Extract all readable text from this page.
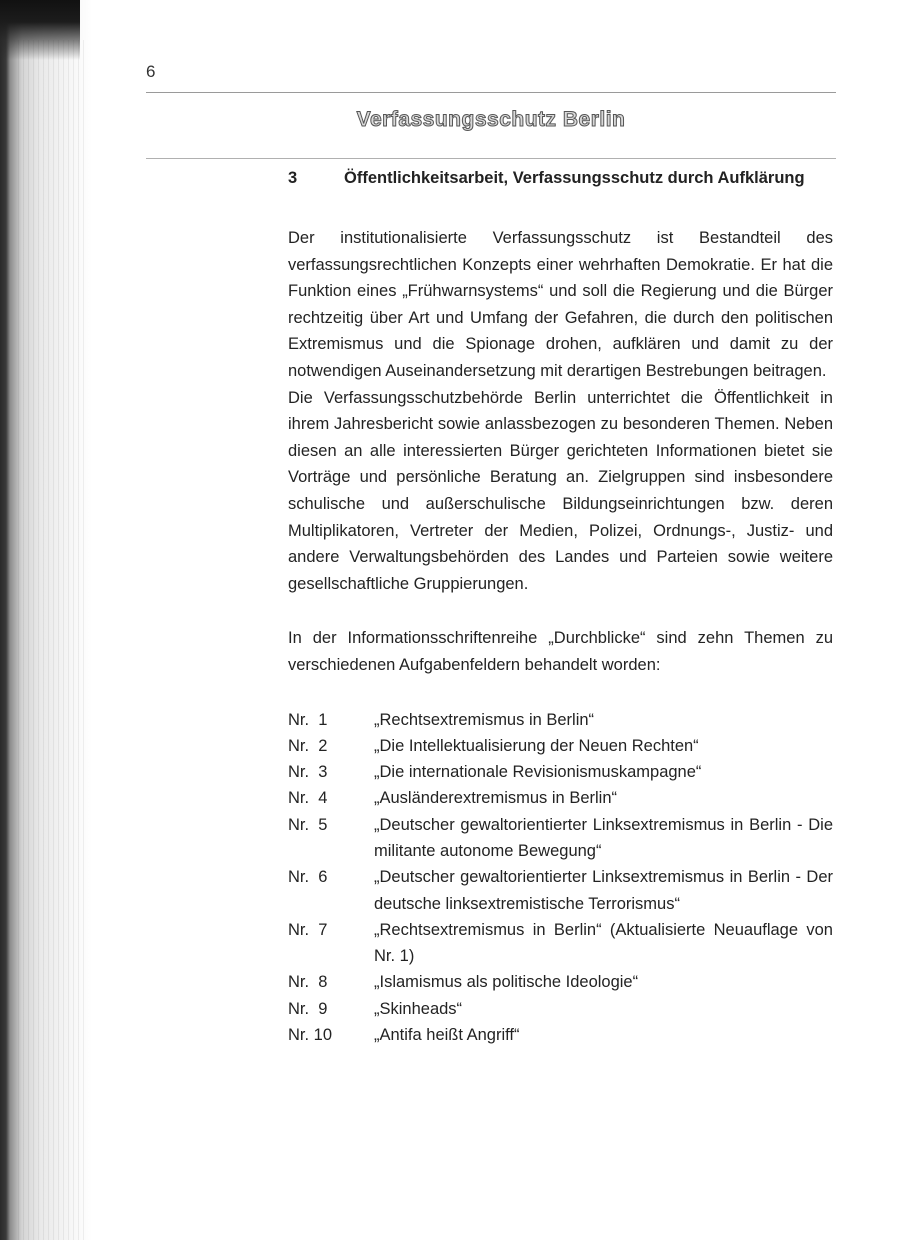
6
Verfassungsschutz Berlin
3	Öffentlichkeitsarbeit, Verfassungsschutz durch Aufklärung

Der institutionalisierte Verfassungsschutz ist Bestandteil des verfassungsrechtlichen Konzepts einer wehrhaften Demokratie. Er hat die Funktion eines „Frühwarnsystems“ und soll die Regierung und die Bürger rechtzeitig über Art und Umfang der Gefahren, die durch den politischen Extremismus und die Spionage drohen, aufklären und damit zu der notwendigen Auseinandersetzung mit derartigen Bestrebungen beitragen.

Die Verfassungsschutzbehörde Berlin unterrichtet die Öffentlichkeit in ihrem Jahresbericht sowie anlassbezogen zu besonderen Themen. Neben diesen an alle interessierten Bürger gerichteten Informationen bietet sie Vorträge und persönliche Beratung an. Zielgruppen sind insbesondere schulische und außerschulische Bildungseinrichtungen bzw. deren Multiplikatoren, Vertreter der Medien, Polizei, Ordnungs-, Justiz- und andere Verwaltungsbehörden des Landes und Parteien sowie weitere gesellschaftliche Gruppierungen.

In der Informationsschriftenreihe „Durchblicke“ sind zehn Themen zu verschiedenen Aufgabenfeldern behandelt worden:

Nr.  1	„Rechtsextremismus in Berlin“
Nr.  2	„Die Intellektualisierung der Neuen Rechten“
Nr.  3	„Die internationale Revisionismuskampagne“
Nr.  4	„Ausländerextremismus in Berlin“
Nr.  5	„Deutscher gewaltorientierter Linksextremismus in Berlin - Die militante autonome Bewegung“
Nr.  6	„Deutscher gewaltorientierter Linksextremismus in Berlin - Der deutsche linksextremistische Terrorismus“
Nr.  7	„Rechtsextremismus in Berlin“ (Aktualisierte Neuauflage von Nr. 1)
Nr.  8	„Islamismus als politische Ideologie“
Nr.  9	„Skinheads“
Nr. 10	„Antifa heißt Angriff“
